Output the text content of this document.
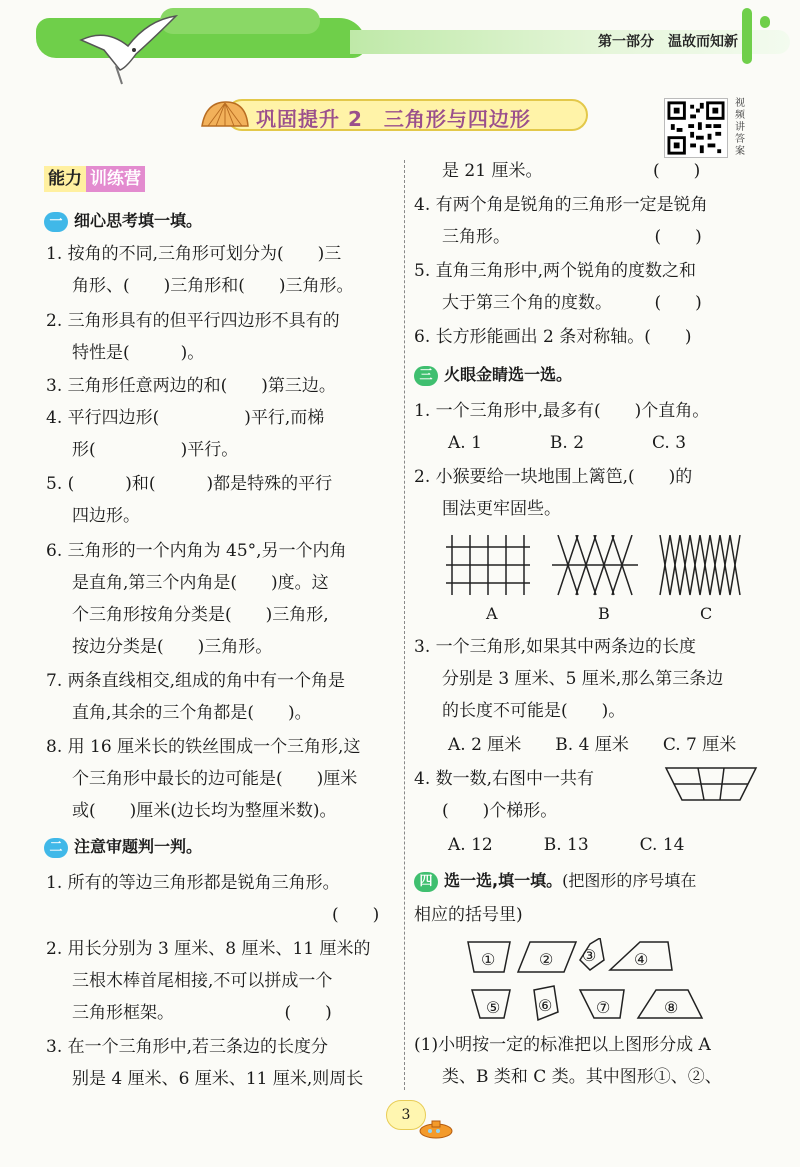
第一部分　温故而知新
巩固提升 2　三角形与四边形
视频讲答案
能力 训练营
一 细心思考填一填。
1. 按角的不同,三角形可划分为(　　)三
角形、(　　)三角形和(　　)三角形。
2. 三角形具有的但平行四边形不具有的
特性是(　　　)。
3. 三角形任意两边的和(　　)第三边。
4. 平行四边形(　　　　　)平行,而梯
形(　　　　　)平行。
5. (　　　)和(　　　)都是特殊的平行
四边形。
6. 三角形的一个内角为 45°,另一个内角
是直角,第三个内角是(　　)度。这
个三角形按角分类是(　　)三角形,
按边分类是(　　)三角形。
7. 两条直线相交,组成的角中有一个角是
直角,其余的三个角都是(　　)。
8. 用 16 厘米长的铁丝围成一个三角形,这
个三角形中最长的边可能是(　　)厘米
或(　　)厘米(边长均为整厘米数)。
二 注意审题判一判。
1. 所有的等边三角形都是锐角三角形。
(　　)
2. 用长分别为 3 厘米、8 厘米、11 厘米的
三根木棒首尾相接,不可以拼成一个
三角形框架。　　　　　　　(　　)
3. 在一个三角形中,若三条边的长度分
别是 4 厘米、6 厘米、11 厘米,则周长
是 21 厘米。　　　　　　　(　　)
4. 有两个角是锐角的三角形一定是锐角
三角形。　　　　　　　　　(　　)
5. 直角三角形中,两个锐角的度数之和
大于第三个角的度数。　　　(　　)
6. 长方形能画出 2 条对称轴。(　　)
三 火眼金睛选一选。
1. 一个三角形中,最多有(　　)个直角。
A. 1　　　　B. 2　　　　C. 3
2. 小猴要给一块地围上篱笆,(　　)的
围法更牢固些。
A	B	C
3. 一个三角形,如果其中两条边的长度
分别是 3 厘米、5 厘米,那么第三条边
的长度不可能是(　　)。
A. 2 厘米　　B. 4 厘米　　C. 7 厘米
4. 数一数,右图中一共有
(　　)个梯形。
A. 12　　　B. 13　　　C. 14
四 选一选,填一填。(把图形的序号填在
相应的括号里)
①	② ③ ④
⑤ ⑥	⑦	⑧
(1)小明按一定的标准把以上图形分成 A
类、B 类和 C 类。其中图形①、②、
3
